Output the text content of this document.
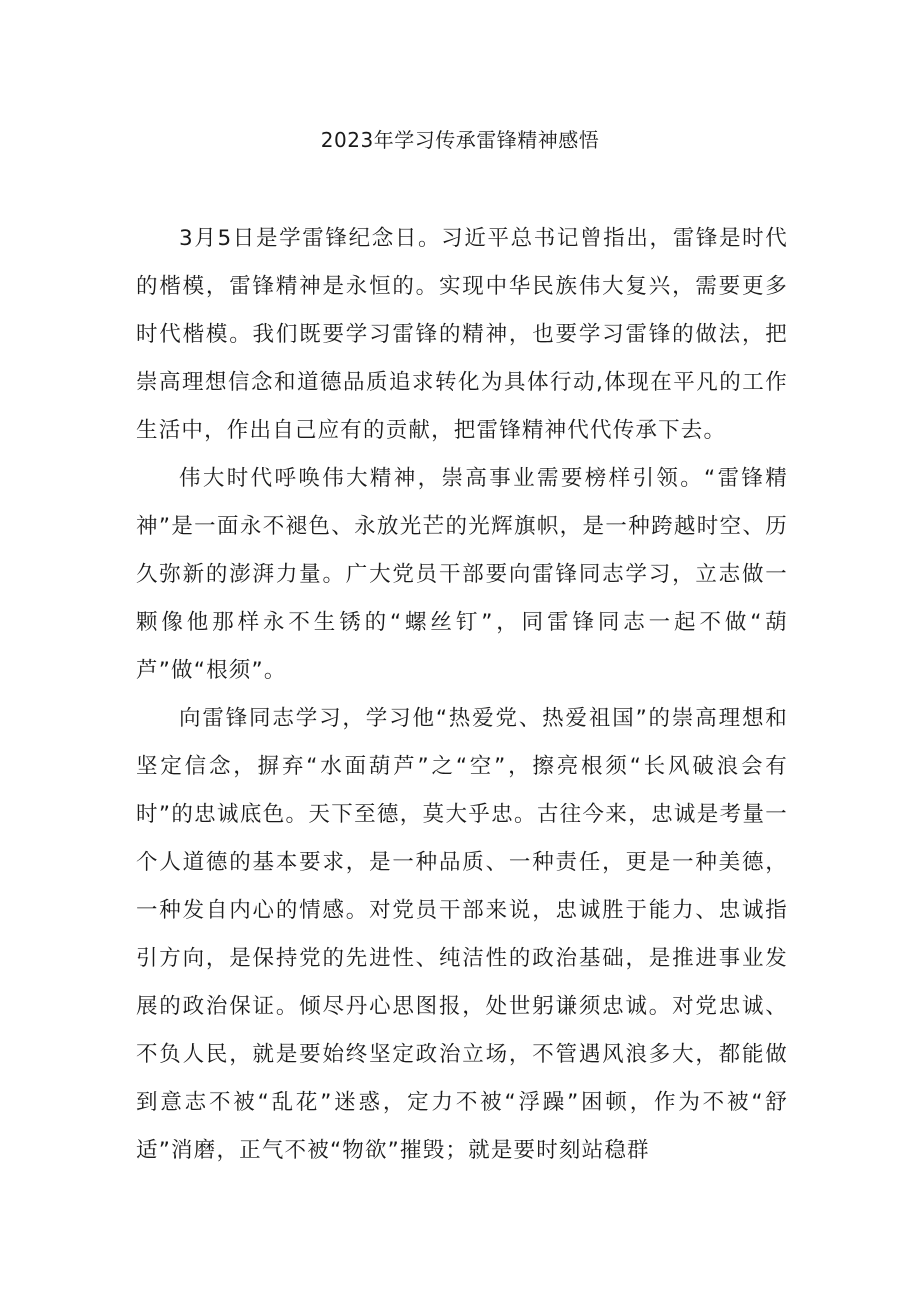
2023年学习传承雷锋精神感悟

3月5日是学雷锋纪念日。习近平总书记曾指出，雷锋是时代的楷模，雷锋精神是永恒的。实现中华民族伟大复兴，需要更多时代楷模。我们既要学习雷锋的精神，也要学习雷锋的做法，把崇高理想信念和道德品质追求转化为具体行动,体现在平凡的工作生活中，作出自己应有的贡献，把雷锋精神代代传承下去。

伟大时代呼唤伟大精神，崇高事业需要榜样引领。“雷锋精神”是一面永不褪色、永放光芒的光辉旗帜，是一种跨越时空、历久弥新的澎湃力量。广大党员干部要向雷锋同志学习，立志做一颗像他那样永不生锈的“螺丝钉”，同雷锋同志一起不做“葫芦”做“根须”。

向雷锋同志学习，学习他“热爱党、热爱祖国”的崇高理想和坚定信念，摒弃“水面葫芦”之“空”，擦亮根须“长风破浪会有时”的忠诚底色。天下至德，莫大乎忠。古往今来，忠诚是考量一个人道德的基本要求，是一种品质、一种责任，更是一种美德，一种发自内心的情感。对党员干部来说，忠诚胜于能力、忠诚指引方向，是保持党的先进性、纯洁性的政治基础，是推进事业发展的政治保证。倾尽丹心思图报，处世躬谦须忠诚。对党忠诚、不负人民，就是要始终坚定政治立场，不管遇风浪多大，都能做到意志不被“乱花”迷惑，定力不被“浮躁”困顿，作为不被“舒适”消磨，正气不被“物欲”摧毁；就是要时刻站稳群
